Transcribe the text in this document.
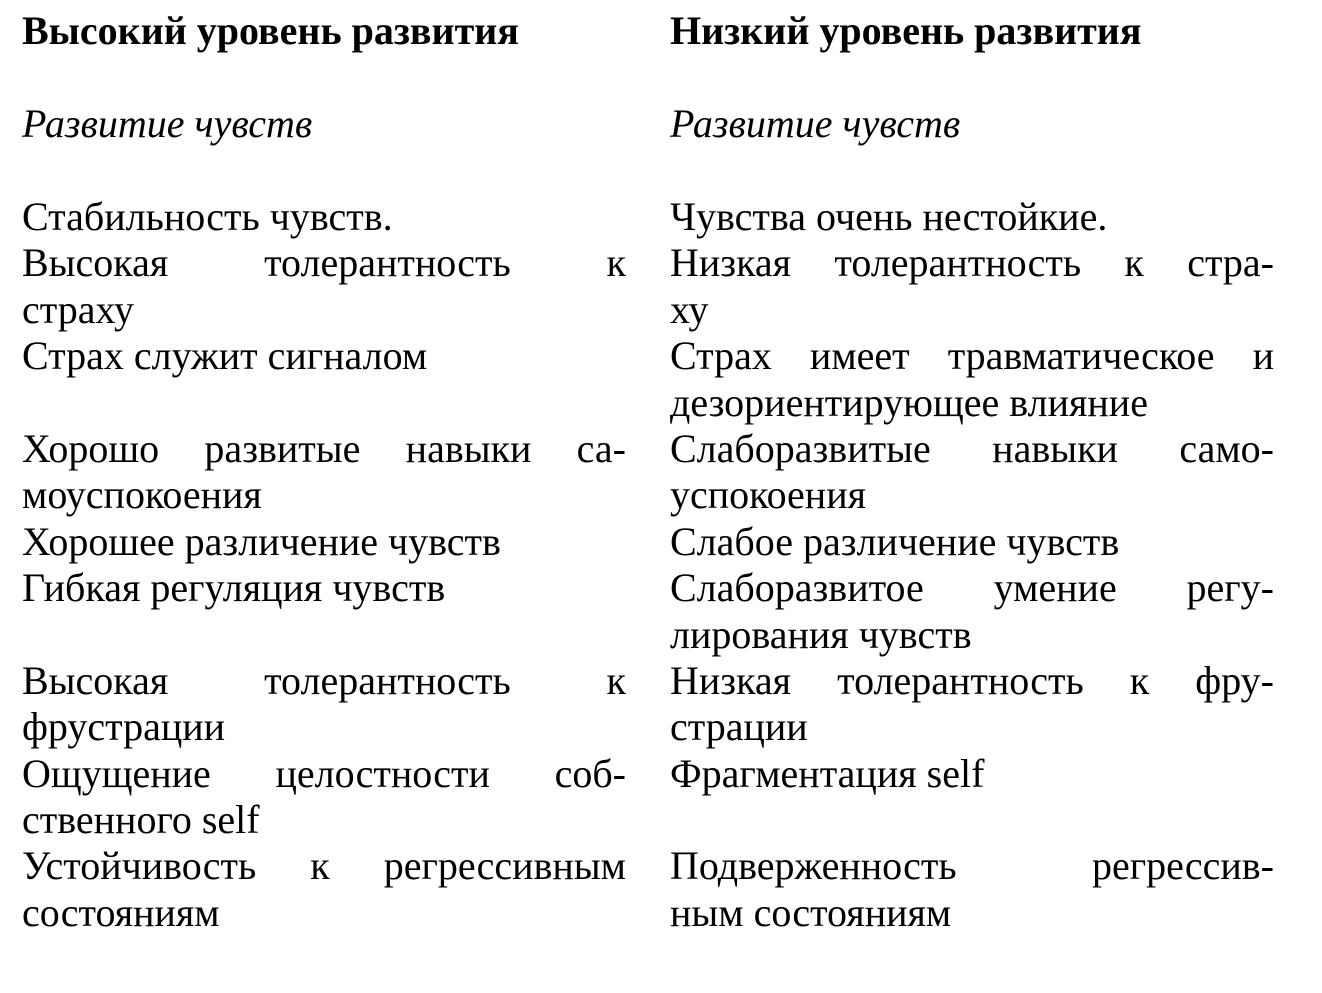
Высокий уровень развития
Развитие чувств
Стабильность чувств.
Высокая толерантность к
страху
Страх служит сигналом
Хорошо развитые навыки са-
моуспокоения
Хорошее различение чувств
Гибкая регуляция чувств
Высокая толерантность к
фрустрации
Ощущение целостности соб-
ственного self
Устойчивость к регрессивным
состояниям
Низкий уровень развития
Развитие чувств
Чувства очень нестойкие.
Низкая толерантность к стра-
ху
Страх имеет травматическое и
дезориентирующее влияние
Слаборазвитые навыки само-
успокоения
Слабое различение чувств
Слаборазвитое умение регу-
лирования чувств
Низкая толерантность к фру-
страции
Фрагментация self
Подверженность регрессив-
ным состояниям
